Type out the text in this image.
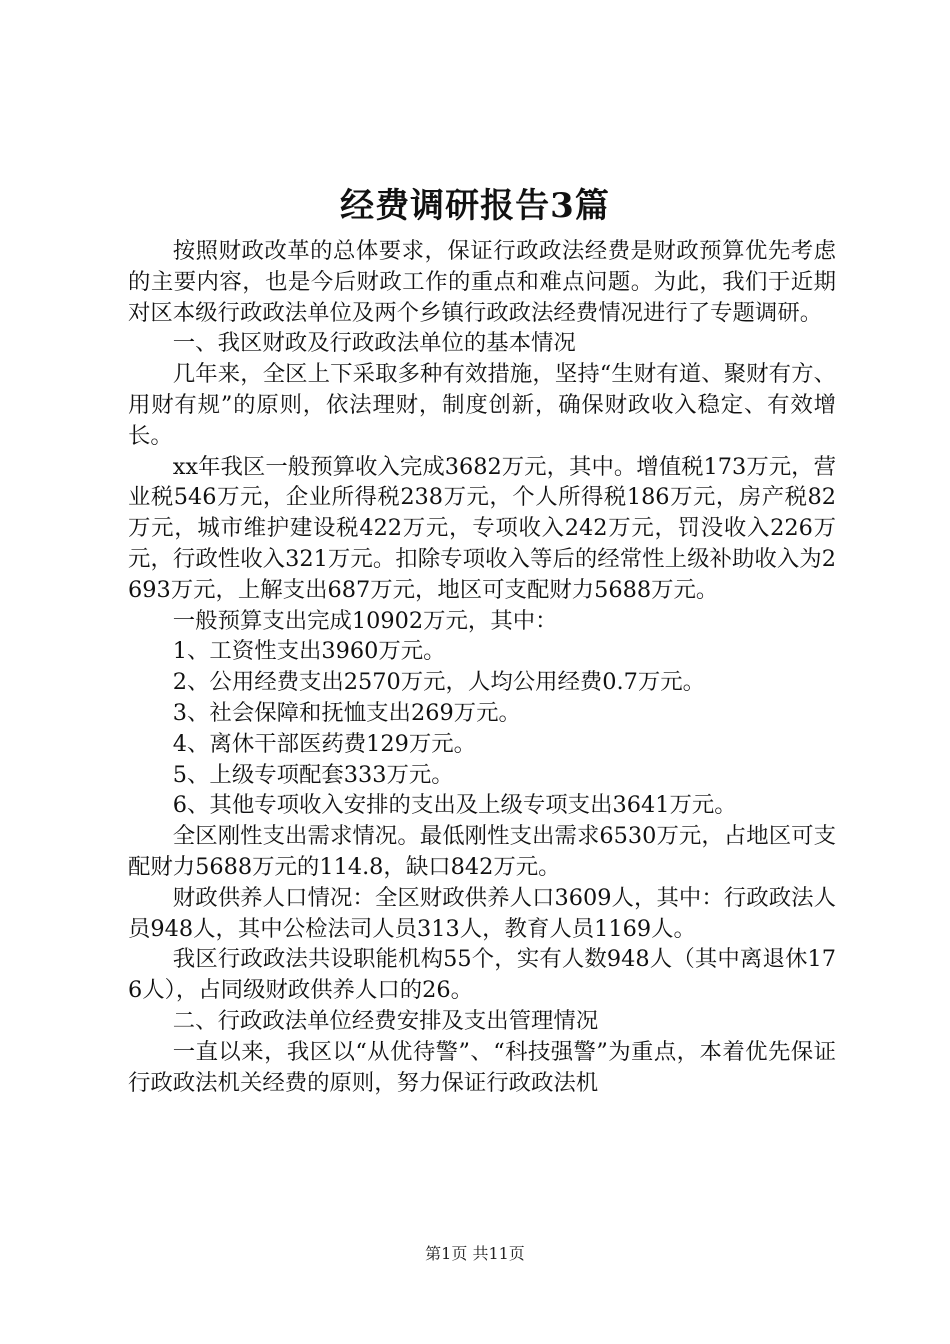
经费调研报告3篇

按照财政改革的总体要求，保证行政政法经费是财政预算优先考虑的主要内容，也是今后财政工作的重点和难点问题。为此，我们于近期对区本级行政政法单位及两个乡镇行政政法经费情况进行了专题调研。

一、我区财政及行政政法单位的基本情况

几年来，全区上下采取多种有效措施，坚持“生财有道、聚财有方、用财有规”的原则，依法理财，制度创新，确保财政收入稳定、有效增长。

xx年我区一般预算收入完成3682万元，其中。增值税173万元，营业税546万元，企业所得税238万元，个人所得税186万元，房产税82万元，城市维护建设税422万元，专项收入242万元，罚没收入226万元，行政性收入321万元。扣除专项收入等后的经常性上级补助收入为2693万元，上解支出687万元，地区可支配财力5688万元。

一般预算支出完成10902万元，其中：

1、工资性支出3960万元。

2、公用经费支出2570万元，人均公用经费0.7万元。

3、社会保障和抚恤支出269万元。

4、离休干部医药费129万元。

5、上级专项配套333万元。

6、其他专项收入安排的支出及上级专项支出3641万元。

全区刚性支出需求情况。最低刚性支出需求6530万元，占地区可支配财力5688万元的114.8，缺口842万元。

财政供养人口情况：全区财政供养人口3609人，其中：行政政法人员948人，其中公检法司人员313人，教育人员1169人。

我区行政政法共设职能机构55个，实有人数948人（其中离退休176人），占同级财政供养人口的26。

二、行政政法单位经费安排及支出管理情况

一直以来，我区以“从优待警”、“科技强警”为重点，本着优先保证行政政法机关经费的原则，努力保证行政政法机

第1页 共11页
